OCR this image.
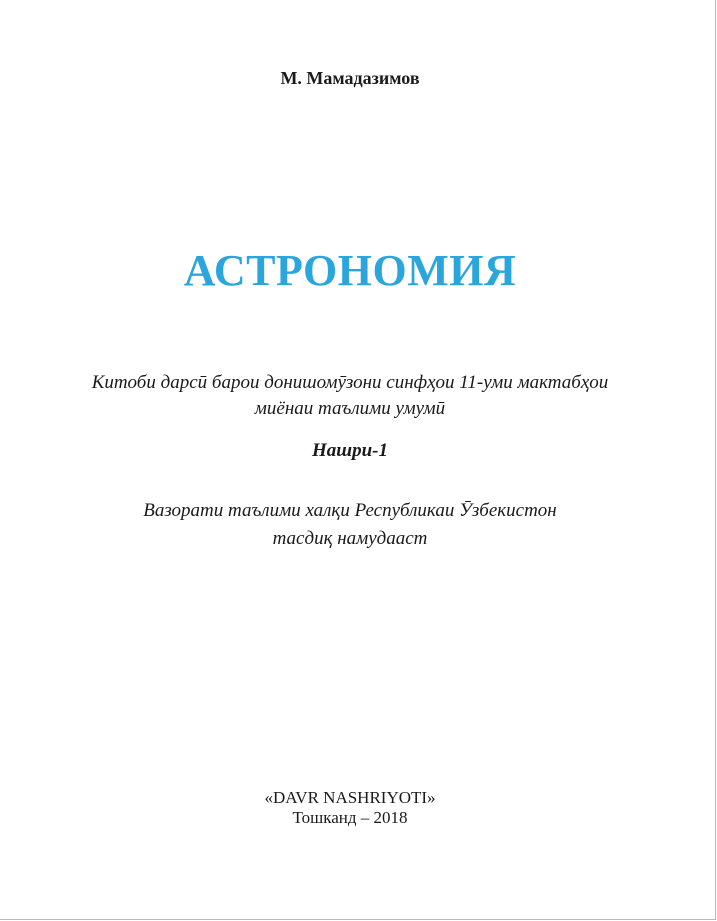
М. Мамадазимов
АСТРОНОМИЯ
Китоби дарсӣ барои донишомӯзони синфҳои 11-уми мактабҳои
миёнаи таълими умумӣ
Нашри-1
Вазорати таълими халқи Республикаи Ӯзбекистон
тасдиқ намудааст
«DAVR NASHRIYOTI»
Тошканд – 2018
